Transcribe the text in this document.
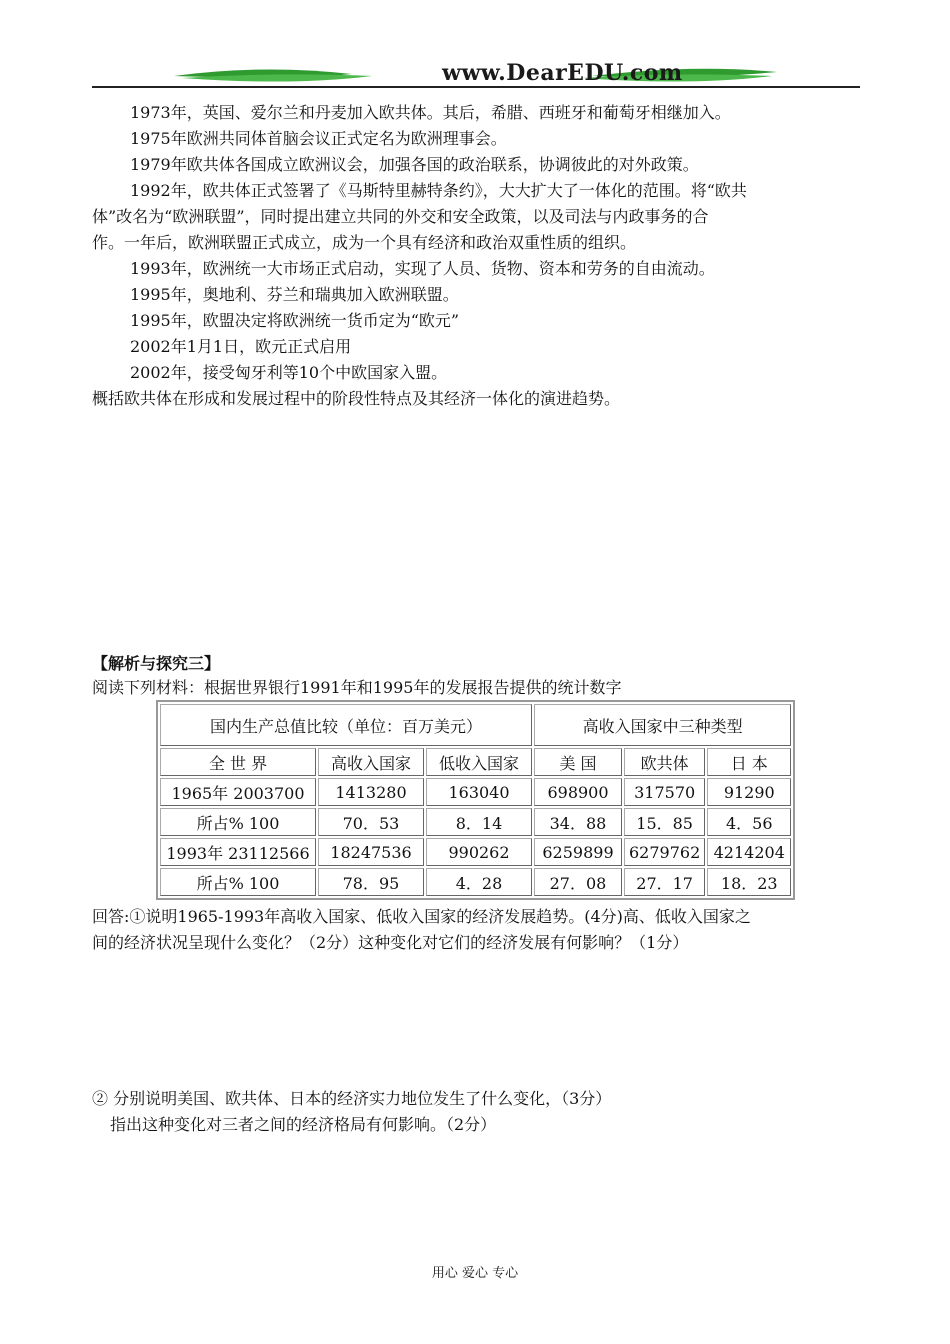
www.DearEDU.com
1973年，英国、爱尔兰和丹麦加入欧共体。其后，希腊、西班牙和葡萄牙相继加入。
1975年欧洲共同体首脑会议正式定名为欧洲理事会。
1979年欧共体各国成立欧洲议会，加强各国的政治联系，协调彼此的对外政策。
1992年，欧共体正式签署了《马斯特里赫特条约》，大大扩大了一体化的范围。将“欧共
体”改名为“欧洲联盟”，同时提出建立共同的外交和安全政策，以及司法与内政事务的合
作。一年后，欧洲联盟正式成立，成为一个具有经济和政治双重性质的组织。
1993年，欧洲统一大市场正式启动，实现了人员、货物、资本和劳务的自由流动。
1995年，奥地利、芬兰和瑞典加入欧洲联盟。
1995年，欧盟决定将欧洲统一货币定为“欧元”
2002年1月1日，欧元正式启用
2002年，接受匈牙利等10个中欧国家入盟。
概括欧共体在形成和发展过程中的阶段性特点及其经济一体化的演进趋势。
【解析与探究三】
阅读下列材料：根据世界银行1991年和1995年的发展报告提供的统计数字
国内生产总值比较（单位：百万美元）			高收入国家中三种类型		
全 世 界	高收入国家	低收入国家	美 国	欧共体	日 本
1965年 2003700	1413280	163040	698900	317570	91290
所占% 100	70．53	8．14	34．88	15．85	4．56
1993年 23112566	18247536	990262	6259899	6279762	4214204
所占% 100	78．95	4．28	27．08	27．17	18．23
回答:①说明1965-1993年高收入国家、低收入国家的经济发展趋势。(4分)高、低收入国家之
间的经济状况呈现什么变化？（2分）这种变化对它们的经济发展有何影响？（1分）
② 分别说明美国、欧共体、日本的经济实力地位发生了什么变化，（3分）
指出这种变化对三者之间的经济格局有何影响。（2分）
用心 爱心 专心
